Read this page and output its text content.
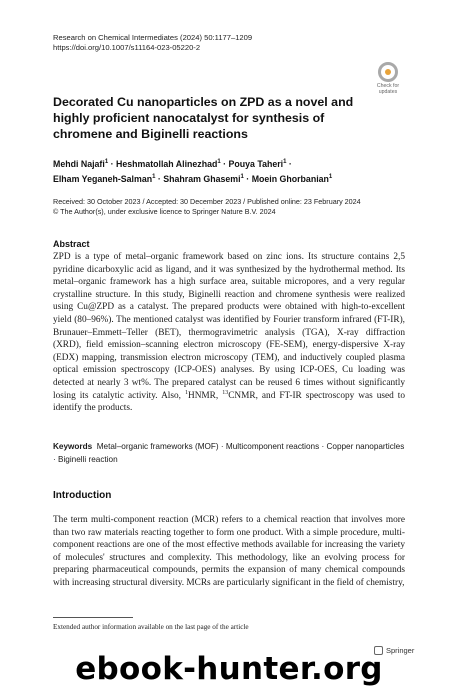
Research on Chemical Intermediates (2024) 50:1177–1209
https://doi.org/10.1007/s11164-023-05220-2
Check for
updates
Decorated Cu nanoparticles on ZPD as a novel and highly proficient nanocatalyst for synthesis of chromene and Biginelli reactions
Mehdi Najafi$^1$ · Heshmatollah Alinezhad$^1$ · Pouya Taheri$^1$ ·
Elham Yeganeh-Salman$^1$ · Shahram Ghasemi$^1$ · Moein Ghorbanian$^1$
Received: 30 October 2023 / Accepted: 30 December 2023 / Published online: 23 February 2024
© The Author(s), under exclusive licence to Springer Nature B.V. 2024
Abstract
ZPD is a type of metal–organic framework based on zinc ions. Its structure contains 2,5 pyridine dicarboxylic acid as ligand, and it was synthesized by the hydrothermal method. Its metal–organic framework has a high surface area, suitable micropores, and a very regular crystalline structure. In this study, Biginelli reaction and chromene synthesis were realized using Cu@ZPD as a catalyst. The prepared products were obtained with high-to-excellent yield (80–96%). The mentioned catalyst was identified by Fourier transform infrared (FT-IR), Brunauer–Emmett–Teller (BET), thermogravimetric analysis (TGA), X-ray diffraction (XRD), field emission–scanning electron microscopy (FE-SEM), energy-dispersive X-ray (EDX) mapping, transmission electron microscopy (TEM), and inductively coupled plasma optical emission spectroscopy (ICP-OES) analyses. By using ICP-OES, Cu loading was detected at nearly 3 wt%. The prepared catalyst can be reused 6 times without significantly losing its catalytic activity. Also, $^1$HNMR, $^{13}$CNMR, and FT-IR spectroscopy was used to identify the products.
Keywords Metal–organic frameworks (MOF) · Multicomponent reactions · Copper nanoparticles · Biginelli reaction
Introduction
The term multi-component reaction (MCR) refers to a chemical reaction that involves more than two raw materials reacting together to form one product. With a simple procedure, multi-component reactions are one of the most effective methods available for increasing the variety of molecules' structures and complexity. This methodology, like an evolving process for preparing pharmaceutical compounds, permits the expansion of many chemical compounds with increasing structural diversity. MCRs are particularly significant in the field of chemistry,
Extended author information available on the last page of the article
Springer
ebook-hunter.org
